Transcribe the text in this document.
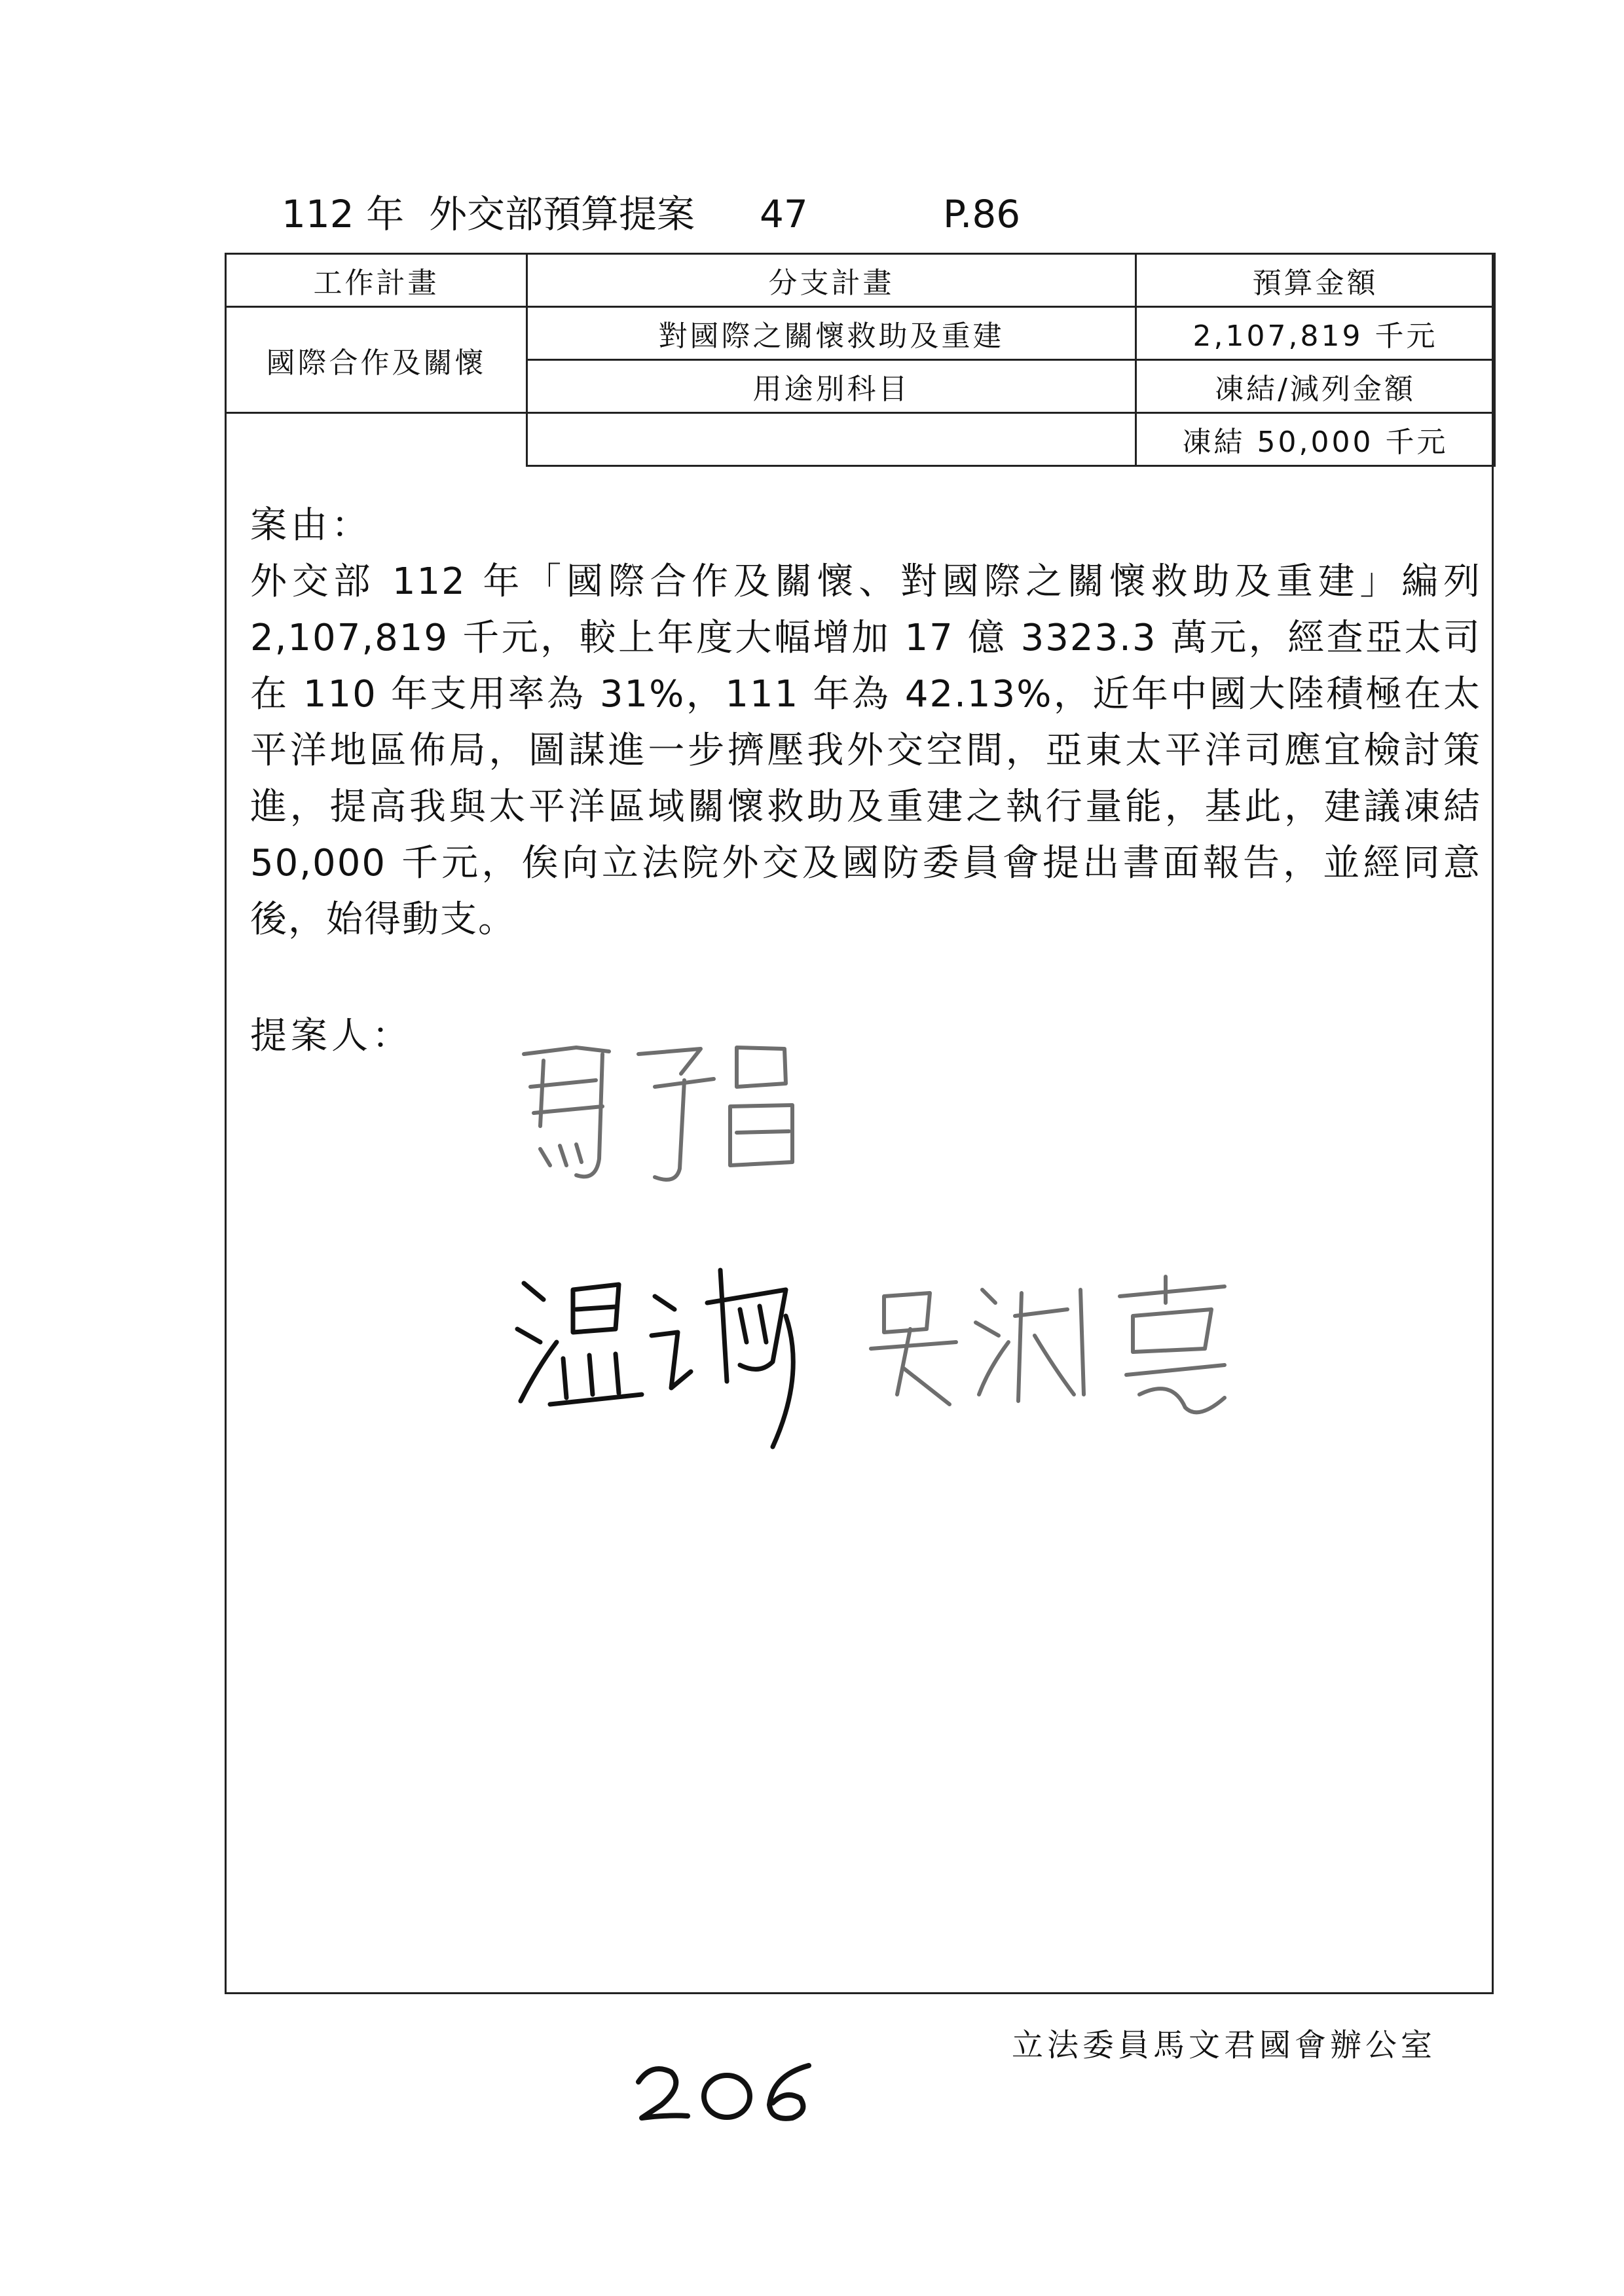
112 年 外交部預算提案 47	P.86
工作計畫	分支計畫	預算金額
國際合作及關懷	對國際之關懷救助及重建	2,107,819 千元
	用途別科目	凍結/減列金額
		凍結 50,000 千元
案由：

外交部 112 年「國際合作及關懷、對國際之關懷救助及重建」編列 2,107,819 千元，較上年度大幅增加 17 億 3323.3 萬元，經查亞太司在 110 年支用率為 31%，111 年為 42.13%，近年中國大陸積極在太平洋地區佈局，圖謀進一步擠壓我外交空間，亞東太平洋司應宜檢討策進，提高我與太平洋區域關懷救助及重建之執行量能，基此，建議凍結 50,000 千元，俟向立法院外交及國防委員會提出書面報告，並經同意後，始得動支。

提案人：
立法委員馬文君國會辦公室
